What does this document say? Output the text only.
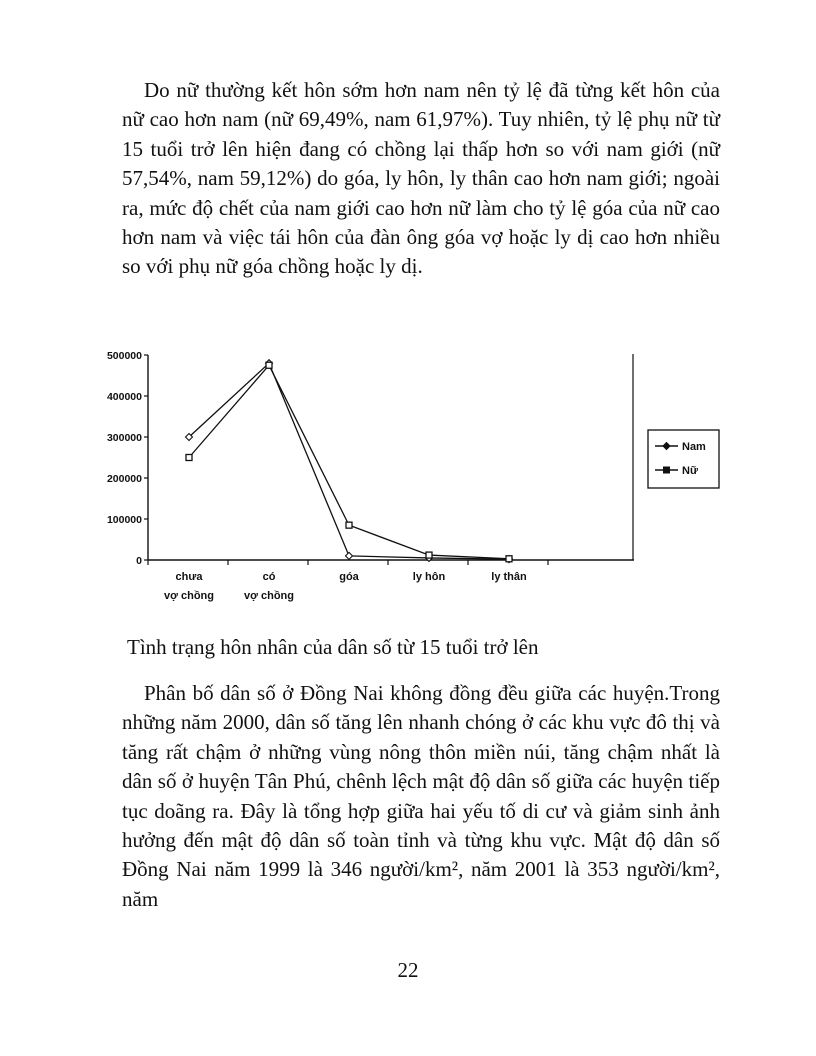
Do nữ thường kết hôn sớm hơn nam nên tỷ lệ đã từng kết hôn của nữ cao hơn nam (nữ 69,49%, nam 61,97%). Tuy nhiên, tỷ lệ phụ nữ từ 15 tuổi trở lên hiện đang có chồng lại thấp hơn so với nam giới (nữ 57,54%, nam 59,12%) do góa, ly hôn, ly thân cao hơn nam giới; ngoài ra, mức độ chết của nam giới cao hơn nữ làm cho tỷ lệ góa của nữ cao hơn nam và việc tái hôn của đàn ông góa vợ hoặc ly dị cao hơn nhiều so với phụ nữ góa chồng hoặc ly dị.

0
100000
200000
300000
400000
500000
chưa
vợ chồng
có
vợ chồng
góa	ly hôn	ly thân
Nam
Nữ

Tình trạng hôn nhân của dân số từ 15 tuổi trở lên

Phân bố dân số ở Đồng Nai không đồng đều giữa các huyện.Trong những năm 2000, dân số tăng lên nhanh chóng ở các khu vực đô thị và tăng rất chậm ở những vùng nông thôn miền núi, tăng chậm nhất là dân số ở huyện Tân Phú, chênh lệch mật độ dân số giữa các huyện tiếp tục doãng ra. Đây là tổng hợp giữa hai yếu tố di cư và giảm sinh ảnh hưởng đến mật độ dân số toàn tỉnh và từng khu vực. Mật độ dân số Đồng Nai năm 1999 là 346 người/km², năm 2001 là 353 người/km², năm

22
